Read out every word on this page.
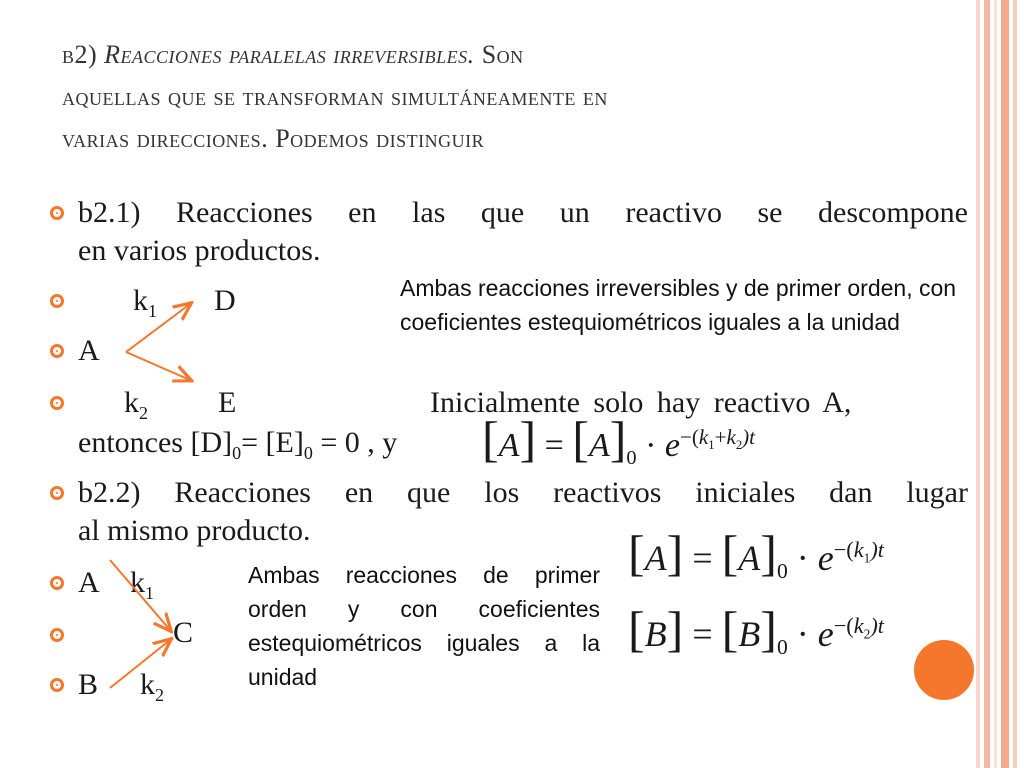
b2) Reacciones paralelas irreversibles. Son
aquellas que se transforman simultáneamente en
varias direcciones. Podemos distinguir
b2.1) Reacciones en las que un reactivo se descompone
en varios productos.
$k_1$ D
A
$k_2$ E	Inicialmente solo hay reactivo A,
entonces $[D]_0= [E]_0 = 0$ , y $[A] = [A]_0 \cdot e^{-(k_1+k_2)t}$
b2.2) Reacciones en que los reactivos iniciales dan lugar
al mismo producto.	$[A] = [A]_0 \cdot e^{-(k_1)t}$
A $k_1$
C	$[B] = [B]_0 \cdot e^{-(k_2)t}$
B $k_2$
Ambas reacciones irreversibles y de primer orden, con coeficientes estequiométricos iguales a la unidad
Ambas reacciones de primer orden y con coeficientes estequiométricos iguales a la unidad
